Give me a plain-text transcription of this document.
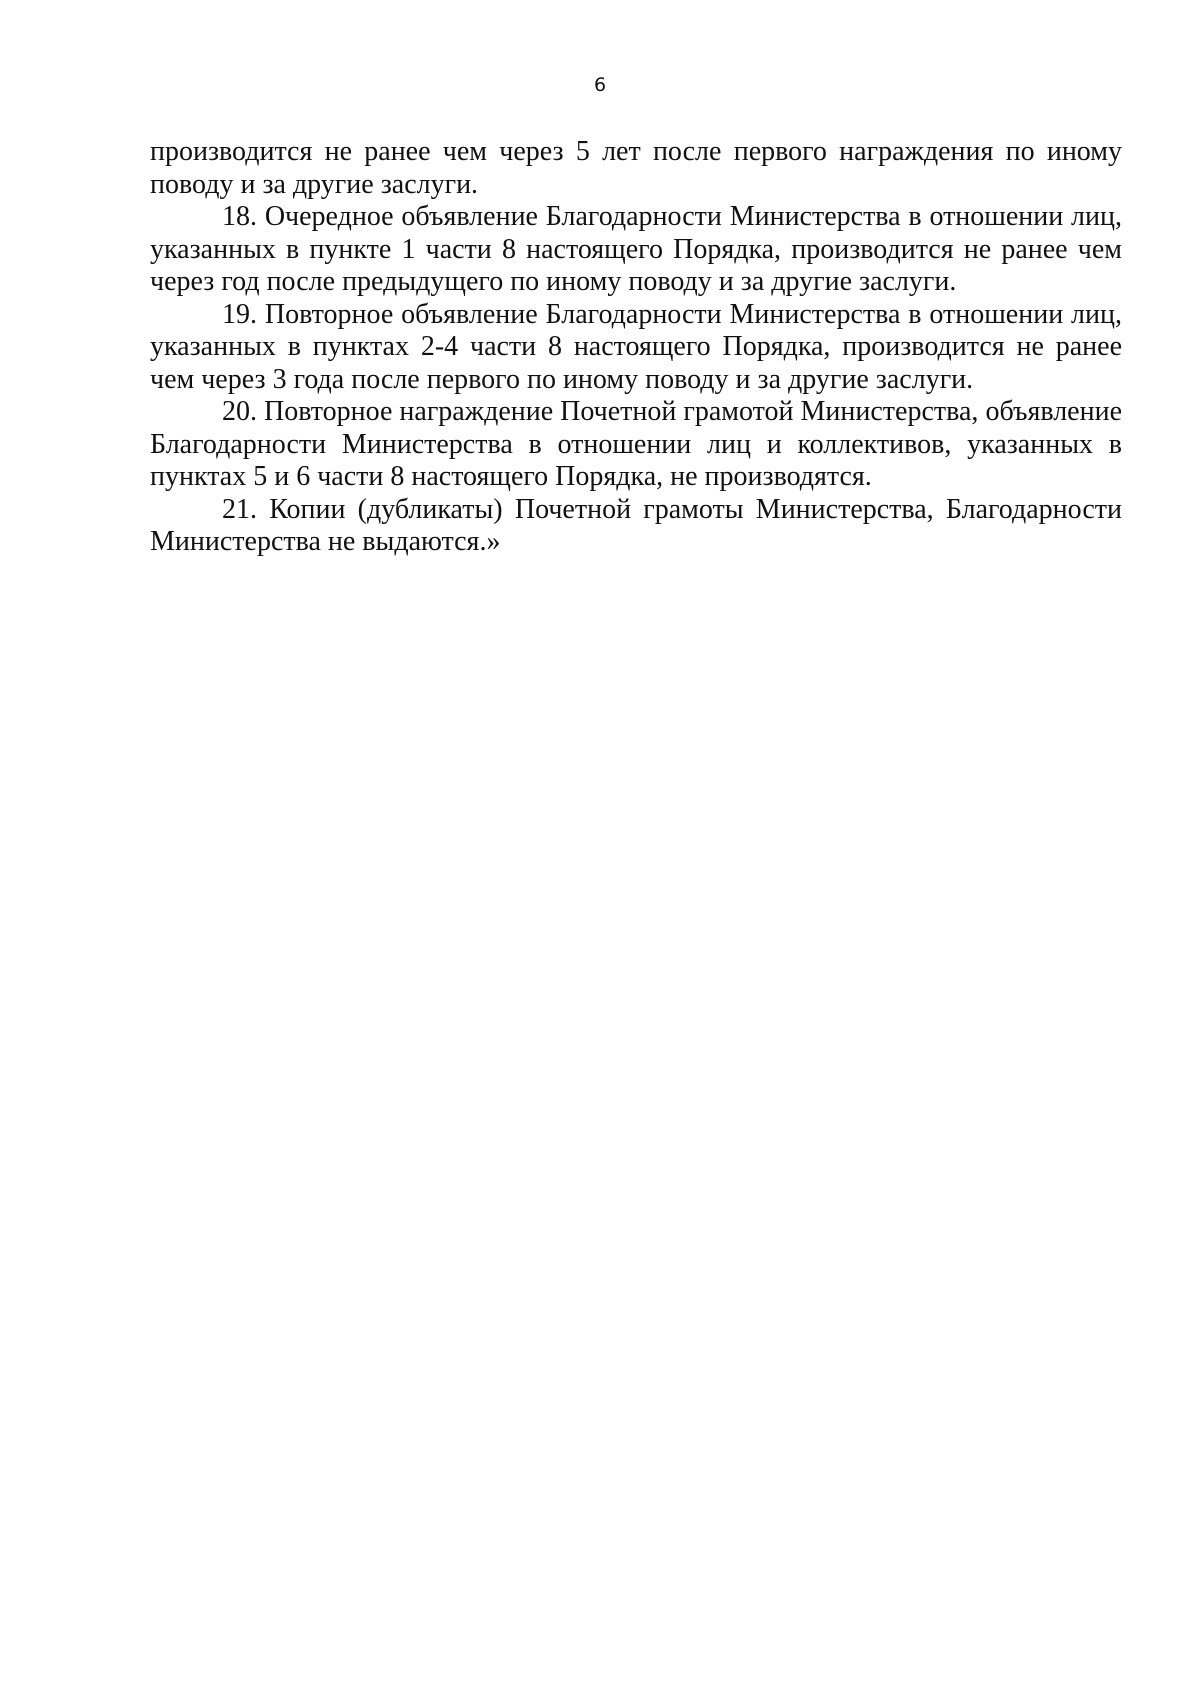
6

производится не ранее чем через 5 лет после первого награждения по иному поводу и за другие заслуги.

18. Очередное объявление Благодарности Министерства в отношении лиц, указанных в пункте 1 части 8 настоящего Порядка, производится не ранее чем через год после предыдущего по иному поводу и за другие заслуги.

19. Повторное объявление Благодарности Министерства в отношении лиц, указанных в пунктах 2-4 части 8 настоящего Порядка, производится не ранее чем через 3 года после первого по иному поводу и за другие заслуги.

20. Повторное награждение Почетной грамотой Министерства, объявление Благодарности Министерства в отношении лиц и коллективов, указанных в пунктах 5 и 6 части 8 настоящего Порядка, не производятся.

21. Копии (дубликаты) Почетной грамоты Министерства, Благодарности Министерства не выдаются.»
